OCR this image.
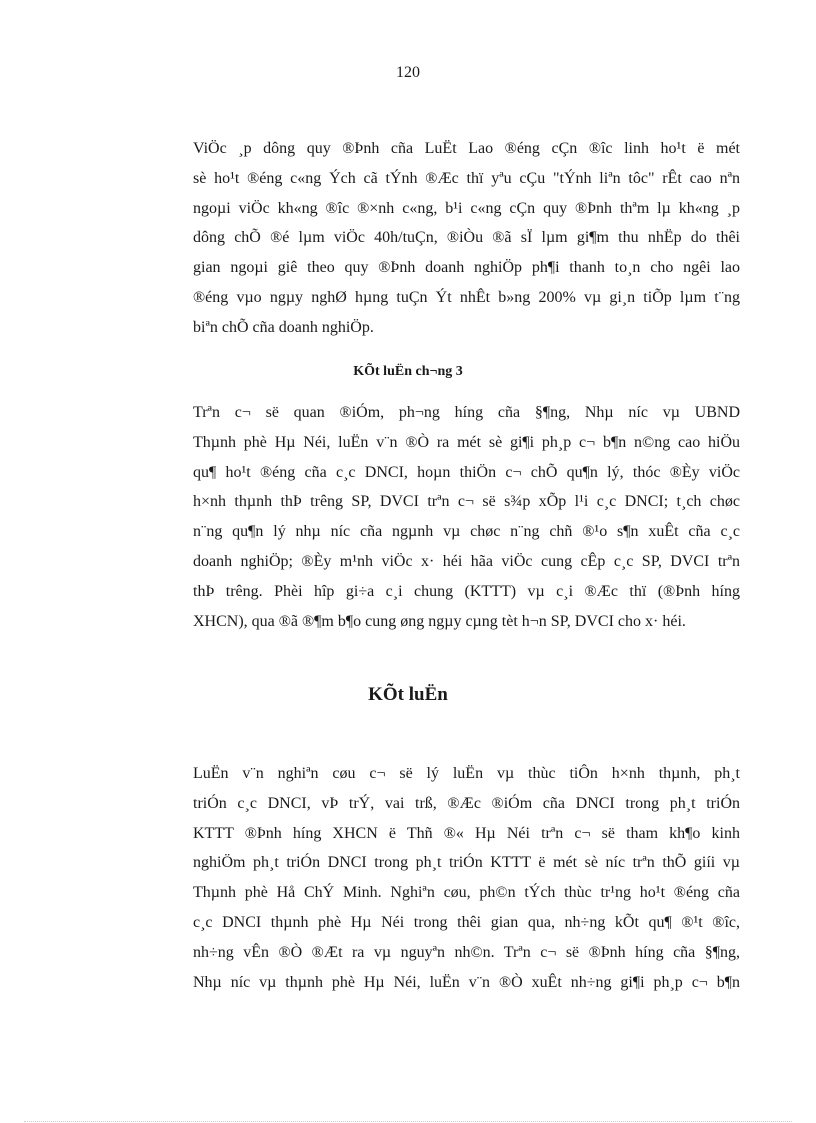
120

ViÖc ¸p dông quy ®Þnh cña LuËt Lao ®éng cÇn ®îc linh ho¹t ë mét
sè ho¹t ®éng c«ng Ých cã tÝnh ®Æc thï yªu cÇu "tÝnh liªn tôc" rÊt cao nªn
ngoµi viÖc kh«ng ®îc ®×nh c«ng, b¹i c«ng cÇn quy ®Þnh thªm lµ kh«ng ¸p
dông chÕ ®é lµm viÖc 40h/tuÇn, ®iÒu ®ã sÏ lµm gi¶m thu nhËp do thêi
gian ngoµi giê theo quy ®Þnh doanh nghiÖp ph¶i thanh to¸n cho ngêi lao
®éng vµo ngµy nghØ hµng tuÇn Ýt nhÊt b»ng 200% vµ gi¸n tiÕp lµm t¨ng
biªn chÕ cña doanh nghiÖp.

KÕt luËn ch¬ng 3

Trªn c¬ së quan ®iÓm, ph¬ng híng cña §¶ng, Nhµ níc vµ UBND
Thµnh phè Hµ Néi, luËn v¨n ®Ò ra mét sè gi¶i ph¸p c¬ b¶n n©ng cao hiÖu
qu¶ ho¹t ®éng cña c¸c DNCI, hoµn thiÖn c¬ chÕ qu¶n lý, thóc ®Èy viÖc
h×nh thµnh thÞ trêng SP, DVCI trªn c¬ së s¾p xÕp l¹i c¸c DNCI; t¸ch chøc
n¨ng qu¶n lý nhµ níc cña ngµnh vµ chøc n¨ng chñ ®¹o s¶n xuÊt cña c¸c
doanh nghiÖp; ®Èy m¹nh viÖc x· héi hãa viÖc cung cÊp c¸c SP, DVCI trªn
thÞ trêng. Phèi hîp gi÷a c¸i chung (KTTT) vµ c¸i ®Æc thï (®Þnh híng
XHCN), qua ®ã ®¶m b¶o cung øng ngµy cµng tèt h¬n SP, DVCI cho x· héi.

KÕt luËn

LuËn v¨n nghiªn cøu c¬ së lý luËn vµ thùc tiÔn h×nh thµnh, ph¸t
triÓn c¸c DNCI, vÞ trÝ, vai trß, ®Æc ®iÓm cña DNCI trong ph¸t triÓn
KTTT ®Þnh híng XHCN ë Thñ ®« Hµ Néi trªn c¬ së tham kh¶o kinh
nghiÖm ph¸t triÓn DNCI trong ph¸t triÓn KTTT ë mét sè níc trªn thÕ giíi vµ
Thµnh phè Hå ChÝ Minh. Nghiªn cøu, ph©n tÝch thùc tr¹ng ho¹t ®éng cña
c¸c DNCI thµnh phè Hµ Néi trong thêi gian qua, nh÷ng kÕt qu¶ ®¹t ®îc,
nh÷ng vÊn ®Ò ®Æt ra vµ nguyªn nh©n. Trªn c¬ së ®Þnh híng cña §¶ng,
Nhµ níc vµ thµnh phè Hµ Néi, luËn v¨n ®Ò xuÊt nh÷ng gi¶i ph¸p c¬ b¶n
